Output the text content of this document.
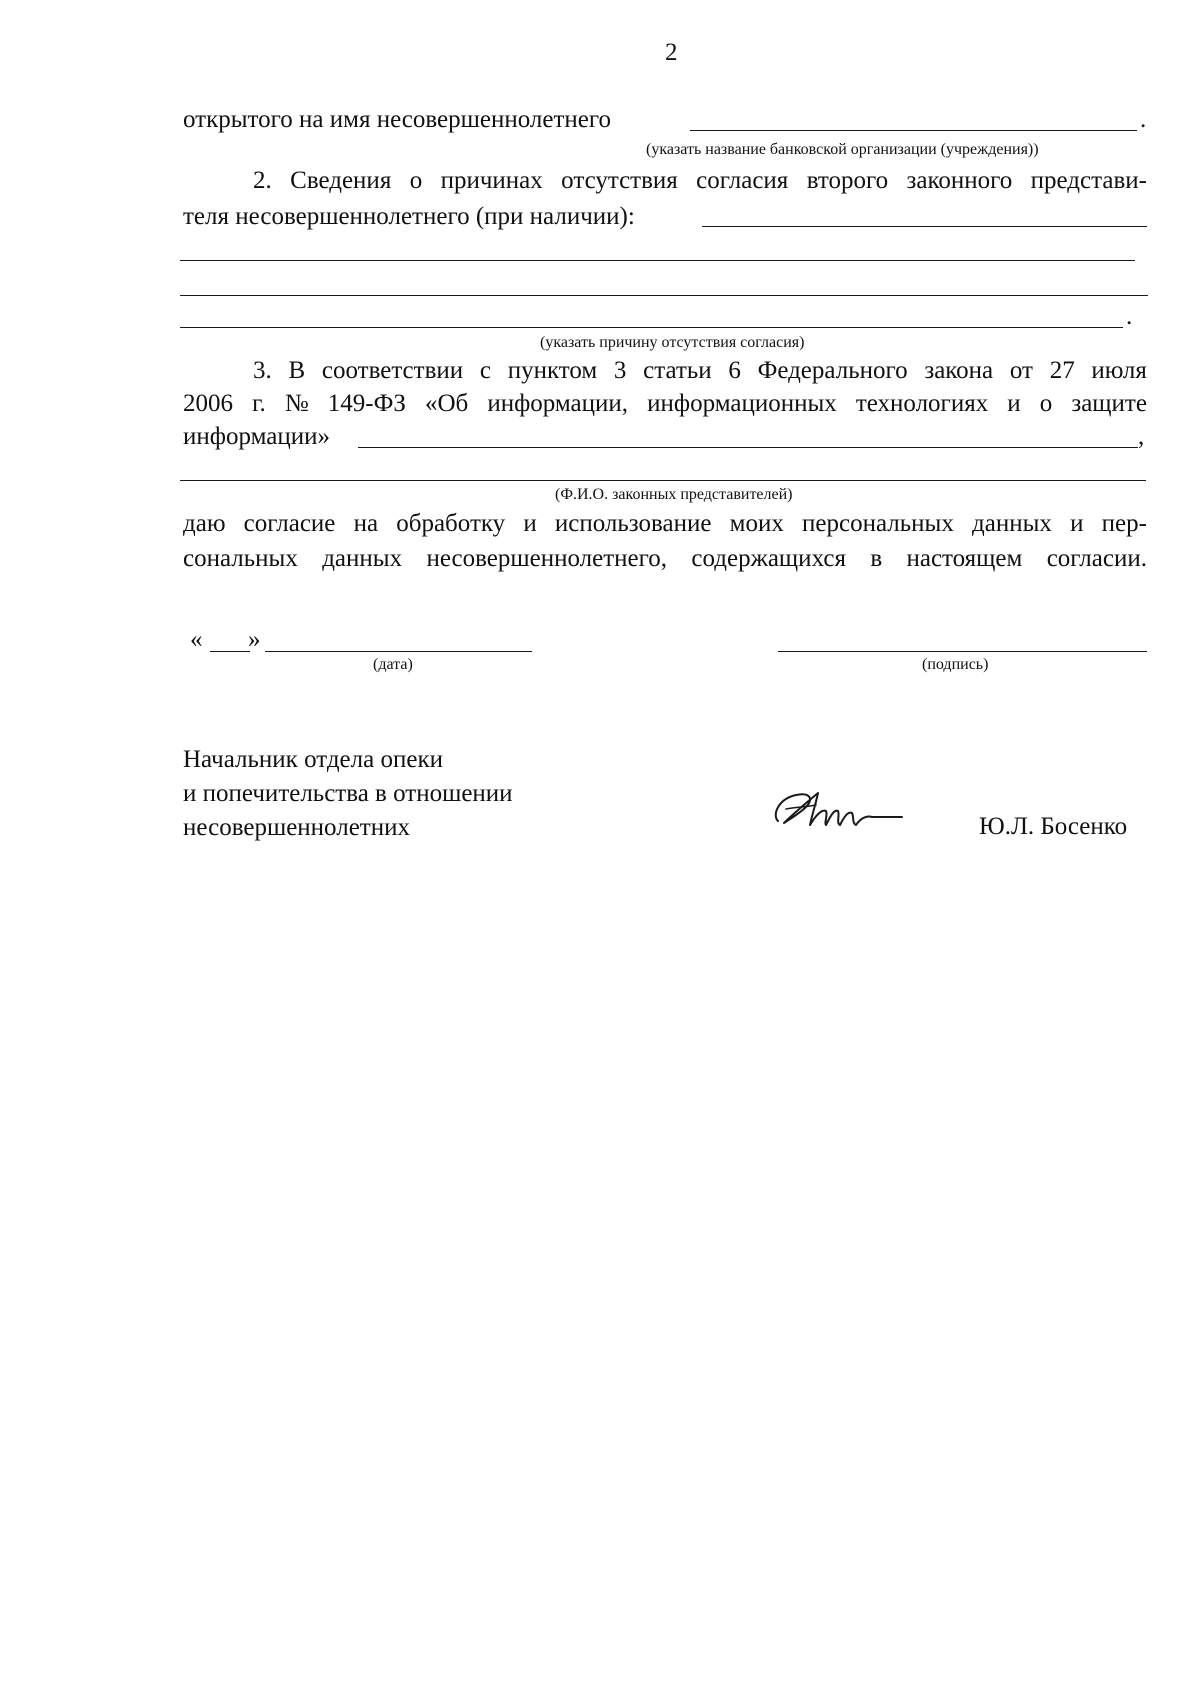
2
открытого на имя несовершеннолетнего	.
(указать название банковской организации (учреждения))
2. Сведения о причинах отсутствия согласия второго законного представи-
теля несовершеннолетнего (при наличии):
.
(указать причину отсутствия согласия)
3. В соответствии с пунктом 3 статьи 6 Федерального закона от 27 июля
2006 г. № 149-ФЗ «Об информации, информационных технологиях и о защите
информации»	,
(Ф.И.О. законных представителей)
даю согласие на обработку и использование моих персональных данных и пер-
сональных данных несовершеннолетнего, содержащихся в настоящем согласии.
« »
(дата)	(подпись)
Начальник отдела опеки
и попечительства в отношении
несовершеннолетних	Ю.Л. Босенко
